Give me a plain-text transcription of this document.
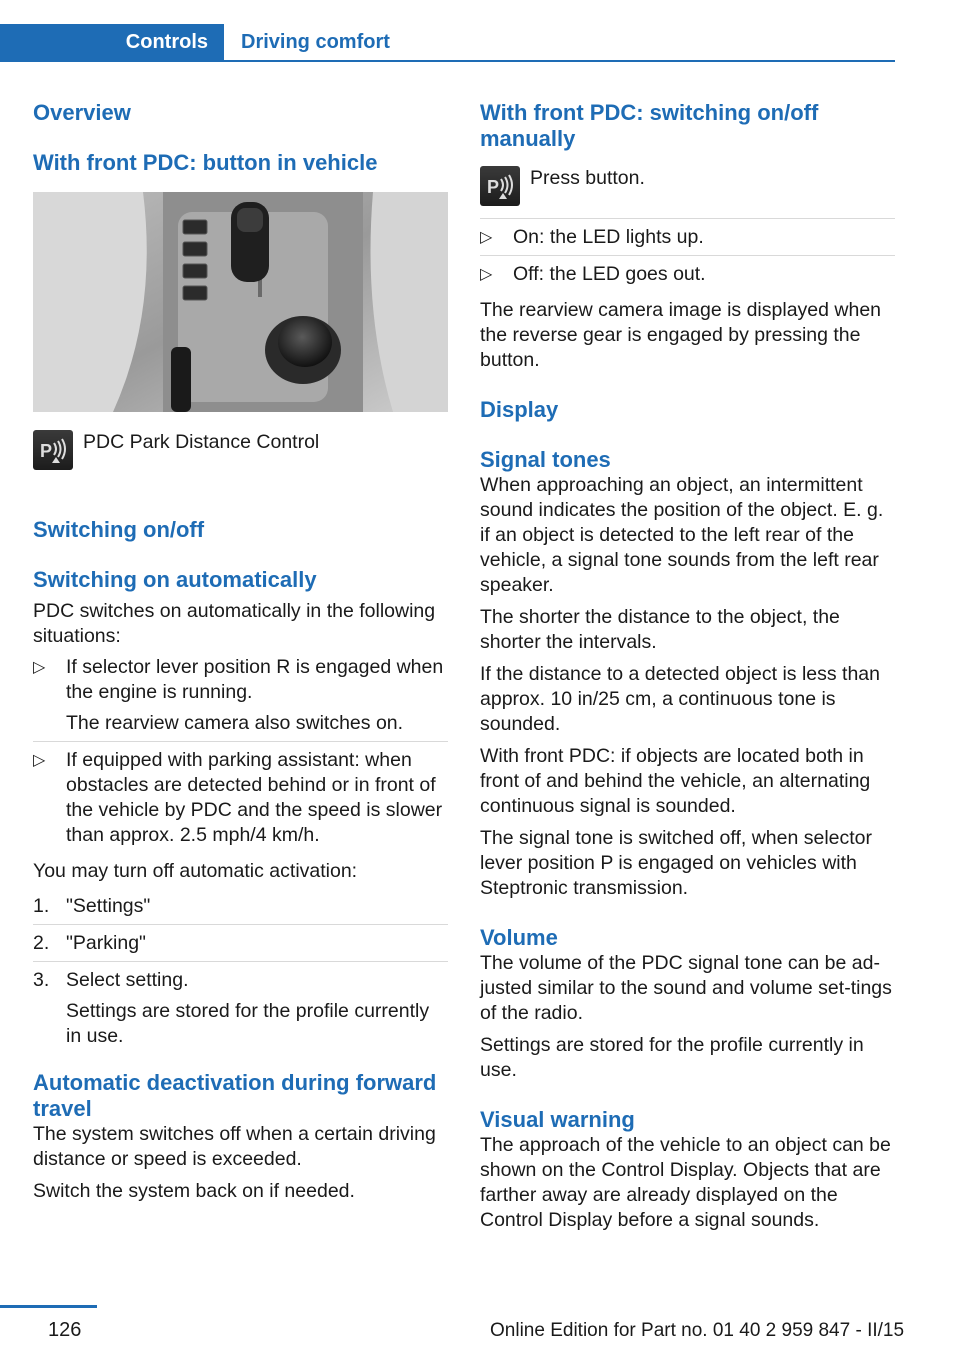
Controls	Driving comfort
Overview
With front PDC: button in vehicle
P PDC Park Distance Control

Switching on/off
Switching on automatically

PDC switches on automatically in the following situations:

▷ If selector lever position R is engaged when the engine is running.
The rearview camera also switches on.
▷ If equipped with parking assistant: when obstacles are detected behind or in front of the vehicle by PDC and the speed is slower than approx. 2.5 mph/4 km/h.

You may turn off automatic activation:

1. "Settings"
2. "Parking"
3. Select setting.
Settings are stored for the profile currently in use.
Automatic deactivation during forward travel

The system switches off when a certain driving distance or speed is exceeded.

Switch the system back on if needed.

With front PDC: switching on/off manually
P Press button.

▷ On: the LED lights up.
▷ Off: the LED goes out.

The rearview camera image is displayed when the reverse gear is engaged by pressing the button.

Display
Signal tones

When approaching an object, an intermittent sound indicates the position of the object. E. g. if an object is detected to the left rear of the vehicle, a signal tone sounds from the left rear speaker.

The shorter the distance to the object, the shorter the intervals.

If the distance to a detected object is less than approx. 10 in/25 cm, a continuous tone is sounded.

With front PDC: if objects are located both in front of and behind the vehicle, an alternating continuous signal is sounded.

The signal tone is switched off, when selector lever position P is engaged on vehicles with Steptronic transmission.

Volume

The volume of the PDC signal tone can be ad‐justed similar to the sound and volume set‐tings of the radio.

Settings are stored for the profile currently in use.

Visual warning

The approach of the vehicle to an object can be shown on the Control Display. Objects that are farther away are already displayed on the Control Display before a signal sounds.

126	Online Edition for Part no. 01 40 2 959 847 - II/15
